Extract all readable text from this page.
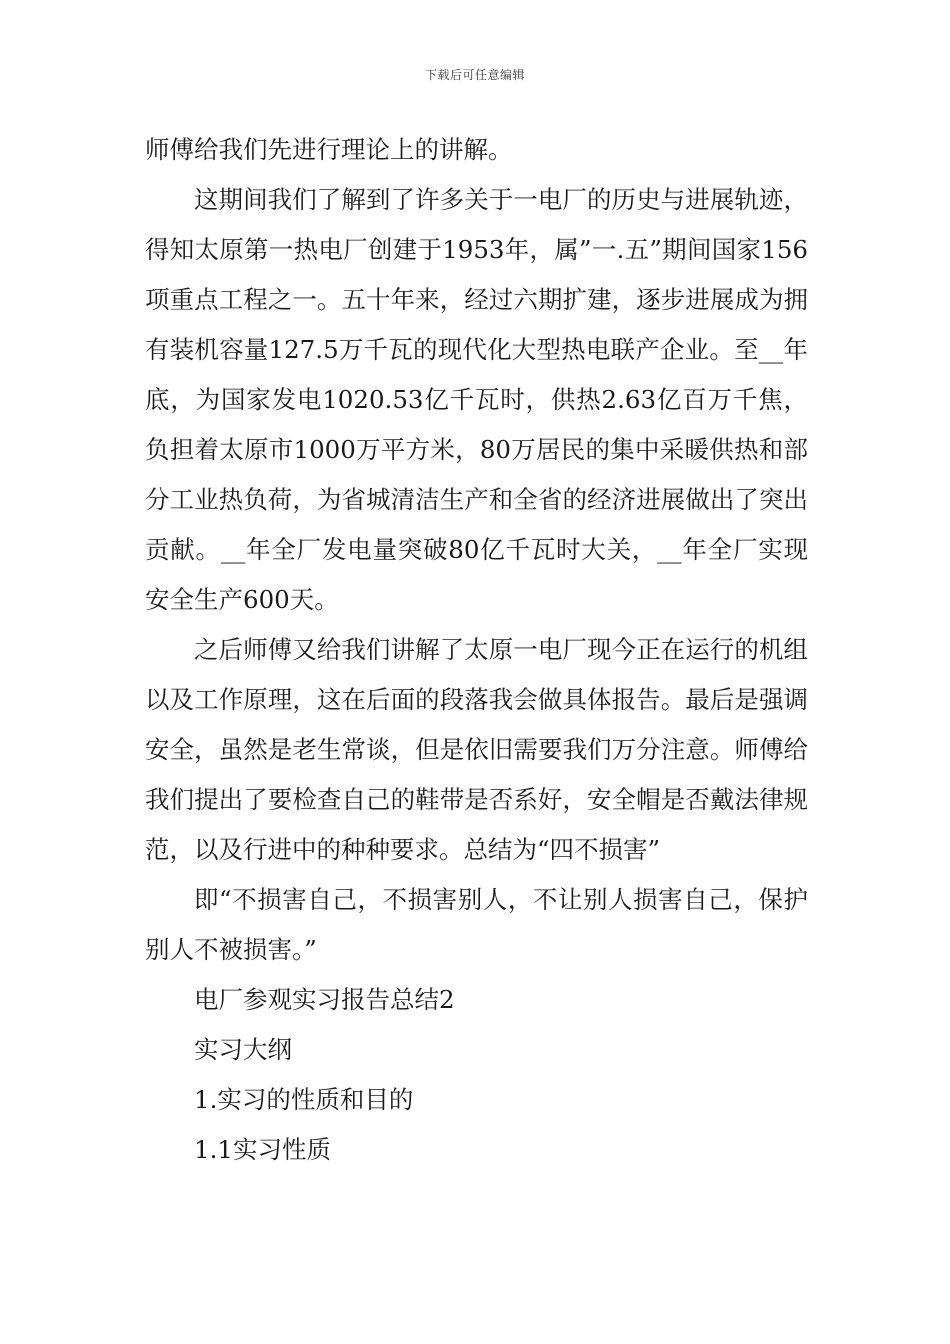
下载后可任意编辑

师傅给我们先进行理论上的讲解。

这期间我们了解到了许多关于一电厂的历史与进展轨迹，得知太原第一热电厂创建于1953年，属”一.五”期间国家156项重点工程之一。五十年来，经过六期扩建，逐步进展成为拥有装机容量127.5万千瓦的现代化大型热电联产企业。至__年底，为国家发电1020.53亿千瓦时，供热2.63亿百万千焦，负担着太原市1000万平方米，80万居民的集中采暖供热和部分工业热负荷，为省城清洁生产和全省的经济进展做出了突出贡献。__年全厂发电量突破80亿千瓦时大关，__年全厂实现安全生产600天。

之后师傅又给我们讲解了太原一电厂现今正在运行的机组以及工作原理，这在后面的段落我会做具体报告。最后是强调安全，虽然是老生常谈，但是依旧需要我们万分注意。师傅给我们提出了要检查自己的鞋带是否系好，安全帽是否戴法律规范，以及行进中的种种要求。总结为“四不损害”

即“不损害自己，不损害别人，不让别人损害自己，保护别人不被损害。”

电厂参观实习报告总结2

实习大纲

1.实习的性质和目的

1.1实习性质
